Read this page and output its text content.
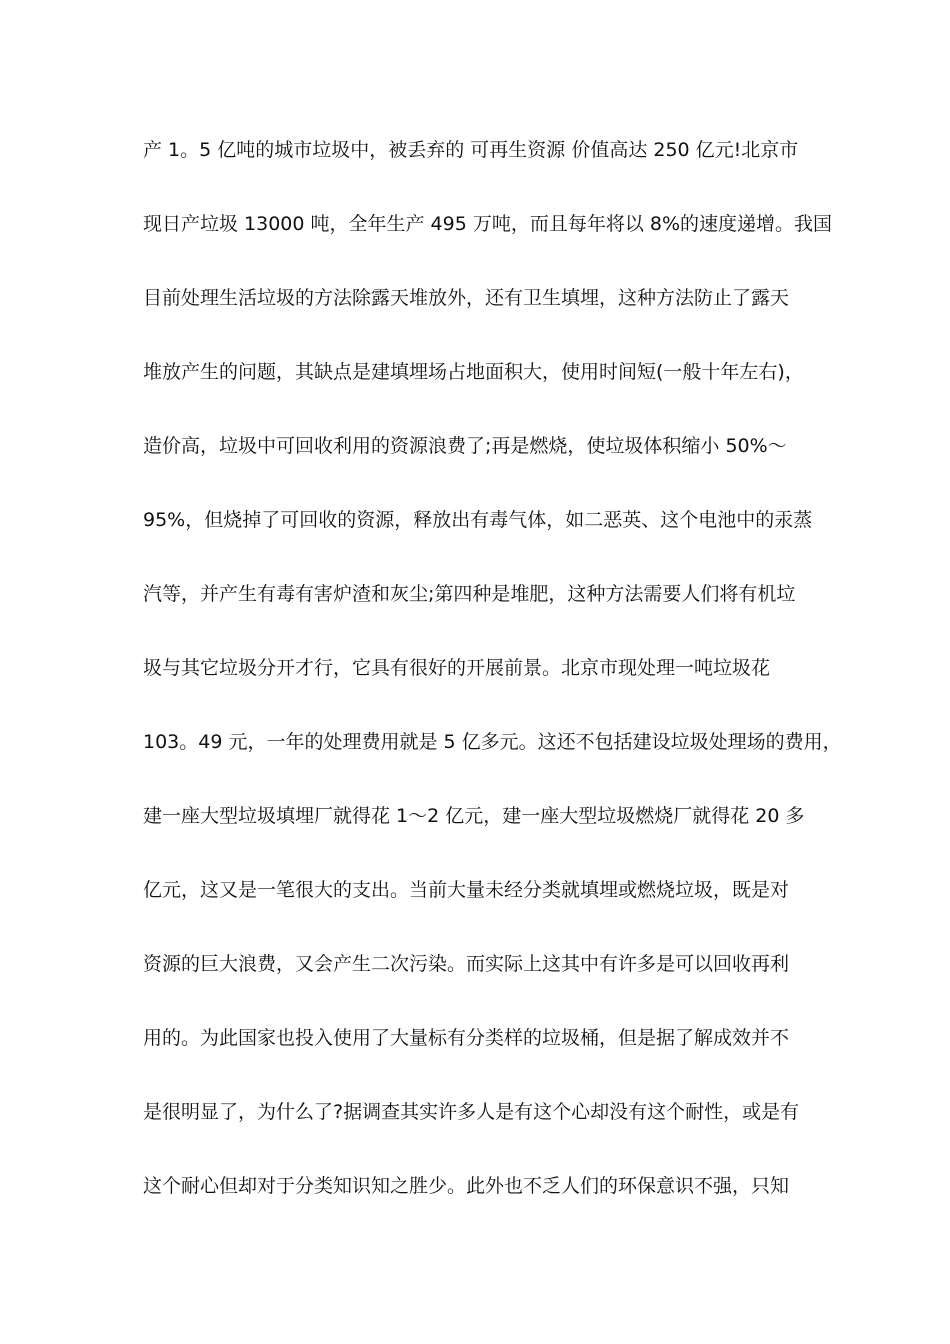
产 1。5 亿吨的城市垃圾中，被丢弃的 可再生资源 价值高达 250 亿元!北京市
现日产垃圾 13000 吨，全年生产 495 万吨，而且每年将以 8%的速度递增。我国
目前处理生活垃圾的方法除露天堆放外，还有卫生填埋，这种方法防止了露天
堆放产生的问题，其缺点是建填埋场占地面积大，使用时间短(一般十年左右)，
造价高，垃圾中可回收利用的资源浪费了;再是燃烧，使垃圾体积缩小 50%～
95%，但烧掉了可回收的资源，释放出有毒气体，如二恶英、这个电池中的汞蒸
汽等，并产生有毒有害炉渣和灰尘;第四种是堆肥，这种方法需要人们将有机垃
圾与其它垃圾分开才行，它具有很好的开展前景。北京市现处理一吨垃圾花
103。49 元，一年的处理费用就是 5 亿多元。这还不包括建设垃圾处理场的费用，
建一座大型垃圾填埋厂就得花 1～2 亿元，建一座大型垃圾燃烧厂就得花 20 多
亿元，这又是一笔很大的支出。当前大量未经分类就填埋或燃烧垃圾，既是对
资源的巨大浪费，又会产生二次污染。而实际上这其中有许多是可以回收再利
用的。为此国家也投入使用了大量标有分类样的垃圾桶，但是据了解成效并不
是很明显了，为什么了?据调查其实许多人是有这个心却没有这个耐性，或是有
这个耐心但却对于分类知识知之胜少。此外也不乏人们的环保意识不强，只知
